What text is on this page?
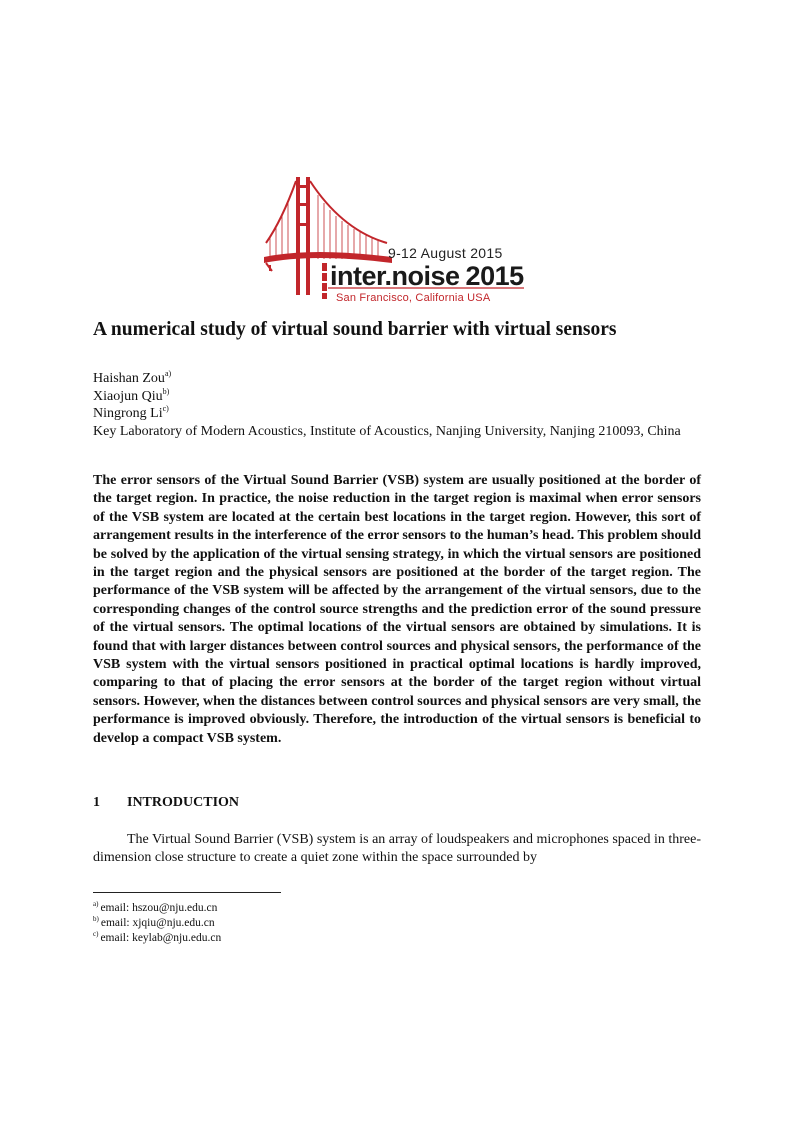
9-12 August 2015
inter.noise 2015
San Francisco, California USA
A numerical study of virtual sound barrier with virtual sensors
Haishan Zou$^{a)}$
Xiaojun Qiu$^{b)}$
Ningrong Li$^{c)}$
Key Laboratory of Modern Acoustics, Institute of Acoustics, Nanjing University, Nanjing 210093, China

The error sensors of the Virtual Sound Barrier (VSB) system are usually positioned at the border of the target region. In practice, the noise reduction in the target region is maximal when error sensors of the VSB system are located at the certain best locations in the target region. However, this sort of arrangement results in the interference of the error sensors to the human’s head. This problem should be solved by the application of the virtual sensing strategy, in which the virtual sensors are positioned in the target region and the physical sensors are positioned at the border of the target region. The performance of the VSB system will be affected by the arrangement of the virtual sensors, due to the corresponding changes of the control source strengths and the prediction error of the sound pressure of the virtual sensors. The optimal locations of the virtual sensors are obtained by simulations. It is found that with larger distances between control sources and physical sensors, the performance of the VSB system with the virtual sensors positioned in practical optimal locations is hardly improved, comparing to that of placing the error sensors at the border of the target region without virtual sensors. However, when the distances between control sources and physical sensors are very small, the performance is improved obviously. Therefore, the introduction of the virtual sensors is beneficial to develop a compact VSB system.

1 INTRODUCTION

The Virtual Sound Barrier (VSB) system is an array of loudspeakers and microphones spaced in three-dimension close structure to create a quiet zone within the space surrounded by

$^{a)}$ email: hszou@nju.edu.cn
$^{b)}$ email: xjqiu@nju.edu.cn
$^{c)}$ email: keylab@nju.edu.cn
